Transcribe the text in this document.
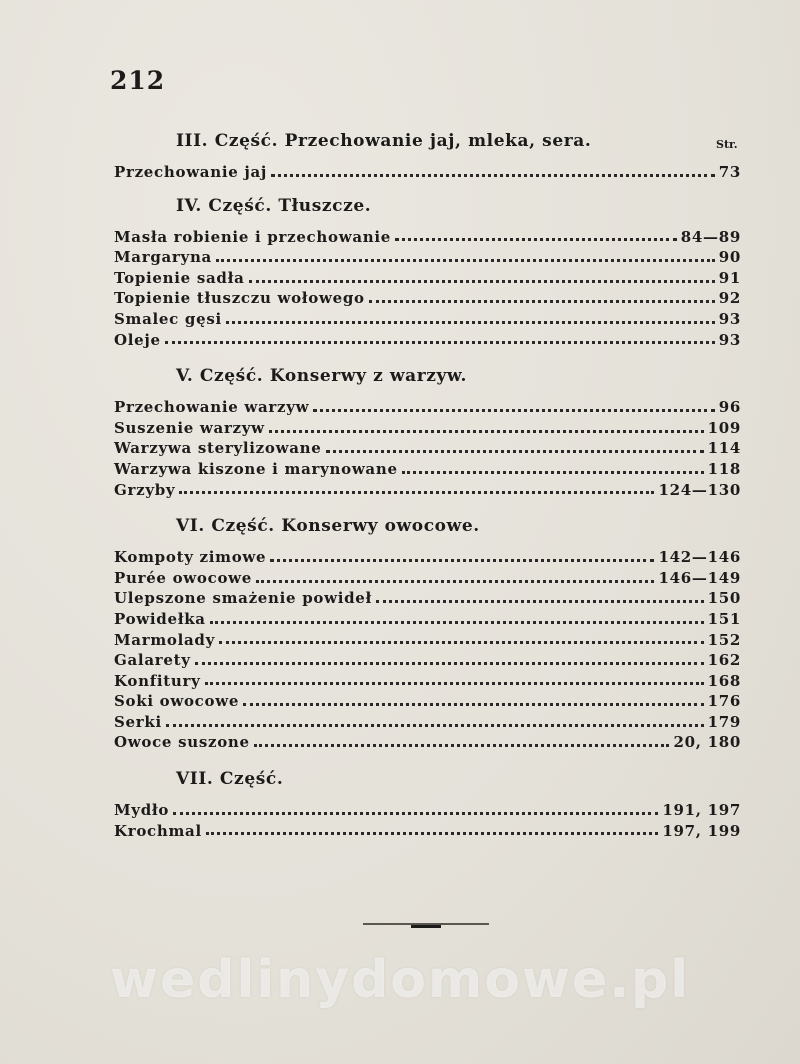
212
Str.
III. Część. Przechowanie jaj, mleka, sera.
Przechowanie jaj	73
IV. Część. Tłuszcze.
Masła robienie i przechowanie	84—89
Margaryna	90
Topienie sadła	91
Topienie tłuszczu wołowego	92
Smalec gęsi	93
Oleje	93
V. Część. Konserwy z warzyw.
Przechowanie warzyw	96
Suszenie warzyw	109
Warzywa sterylizowane	114
Warzywa kiszone i marynowane	118
Grzyby	124—130
VI. Część. Konserwy owocowe.
Kompoty zimowe	142—146
Purée owocowe	146—149
Ulepszone smażenie powideł	150
Powidełka	151
Marmolady	152
Galarety	162
Konfitury	168
Soki owocowe	176
Serki	179
Owoce suszone	20, 180
VII. Część.
Mydło	191, 197
Krochmal	197, 199
wedlinydomowe.pl
